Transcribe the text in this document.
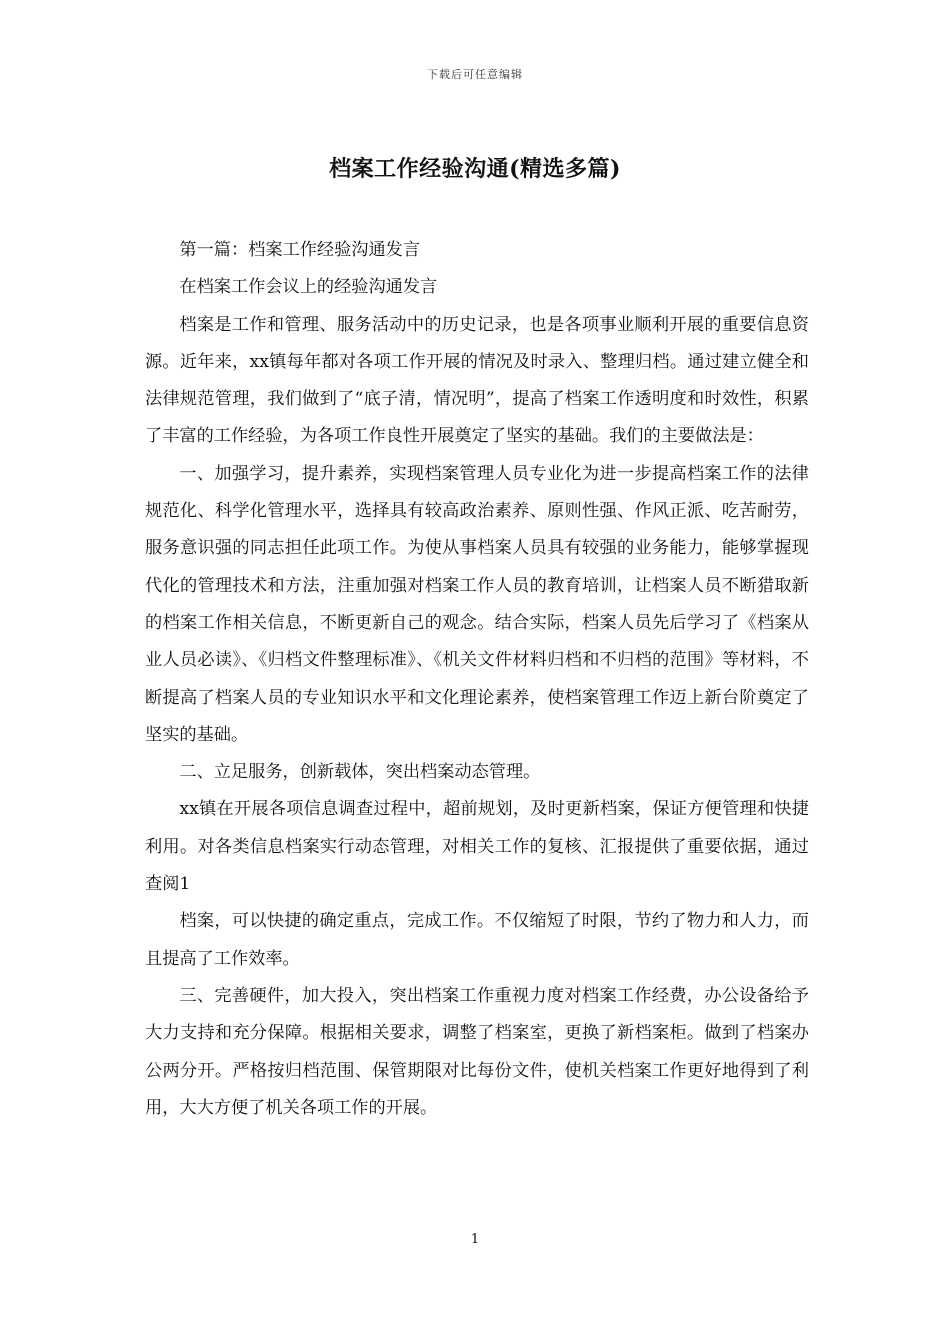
下载后可任意编辑
档案工作经验沟通(精选多篇)

第一篇：档案工作经验沟通发言

在档案工作会议上的经验沟通发言

档案是工作和管理、服务活动中的历史记录，也是各项事业顺利开展的重要信息资源。近年来，xx镇每年都对各项工作开展的情况及时录入、整理归档。通过建立健全和法律规范管理，我们做到了“底子清，情况明”，提高了档案工作透明度和时效性，积累了丰富的工作经验，为各项工作良性开展奠定了坚实的基础。我们的主要做法是：

一、加强学习，提升素养，实现档案管理人员专业化为进一步提高档案工作的法律规范化、科学化管理水平，选择具有较高政治素养、原则性强、作风正派、吃苦耐劳，服务意识强的同志担任此项工作。为使从事档案人员具有较强的业务能力，能够掌握现代化的管理技术和方法，注重加强对档案工作人员的教育培训，让档案人员不断猎取新的档案工作相关信息，不断更新自己的观念。结合实际，档案人员先后学习了《档案从业人员必读》、《归档文件整理标准》、《机关文件材料归档和不归档的范围》等材料，不断提高了档案人员的专业知识水平和文化理论素养，使档案管理工作迈上新台阶奠定了坚实的基础。

二、立足服务，创新载体，突出档案动态管理。

xx镇在开展各项信息调查过程中，超前规划，及时更新档案，保证方便管理和快捷利用。对各类信息档案实行动态管理，对相关工作的复核、汇报提供了重要依据，通过查阅1

档案，可以快捷的确定重点，完成工作。不仅缩短了时限，节约了物力和人力，而且提高了工作效率。

三、完善硬件，加大投入，突出档案工作重视力度对档案工作经费，办公设备给予大力支持和充分保障。根据相关要求，调整了档案室，更换了新档案柜。做到了档案办公两分开。严格按归档范围、保管期限对比每份文件，使机关档案工作更好地得到了利用，大大方便了机关各项工作的开展。

1
